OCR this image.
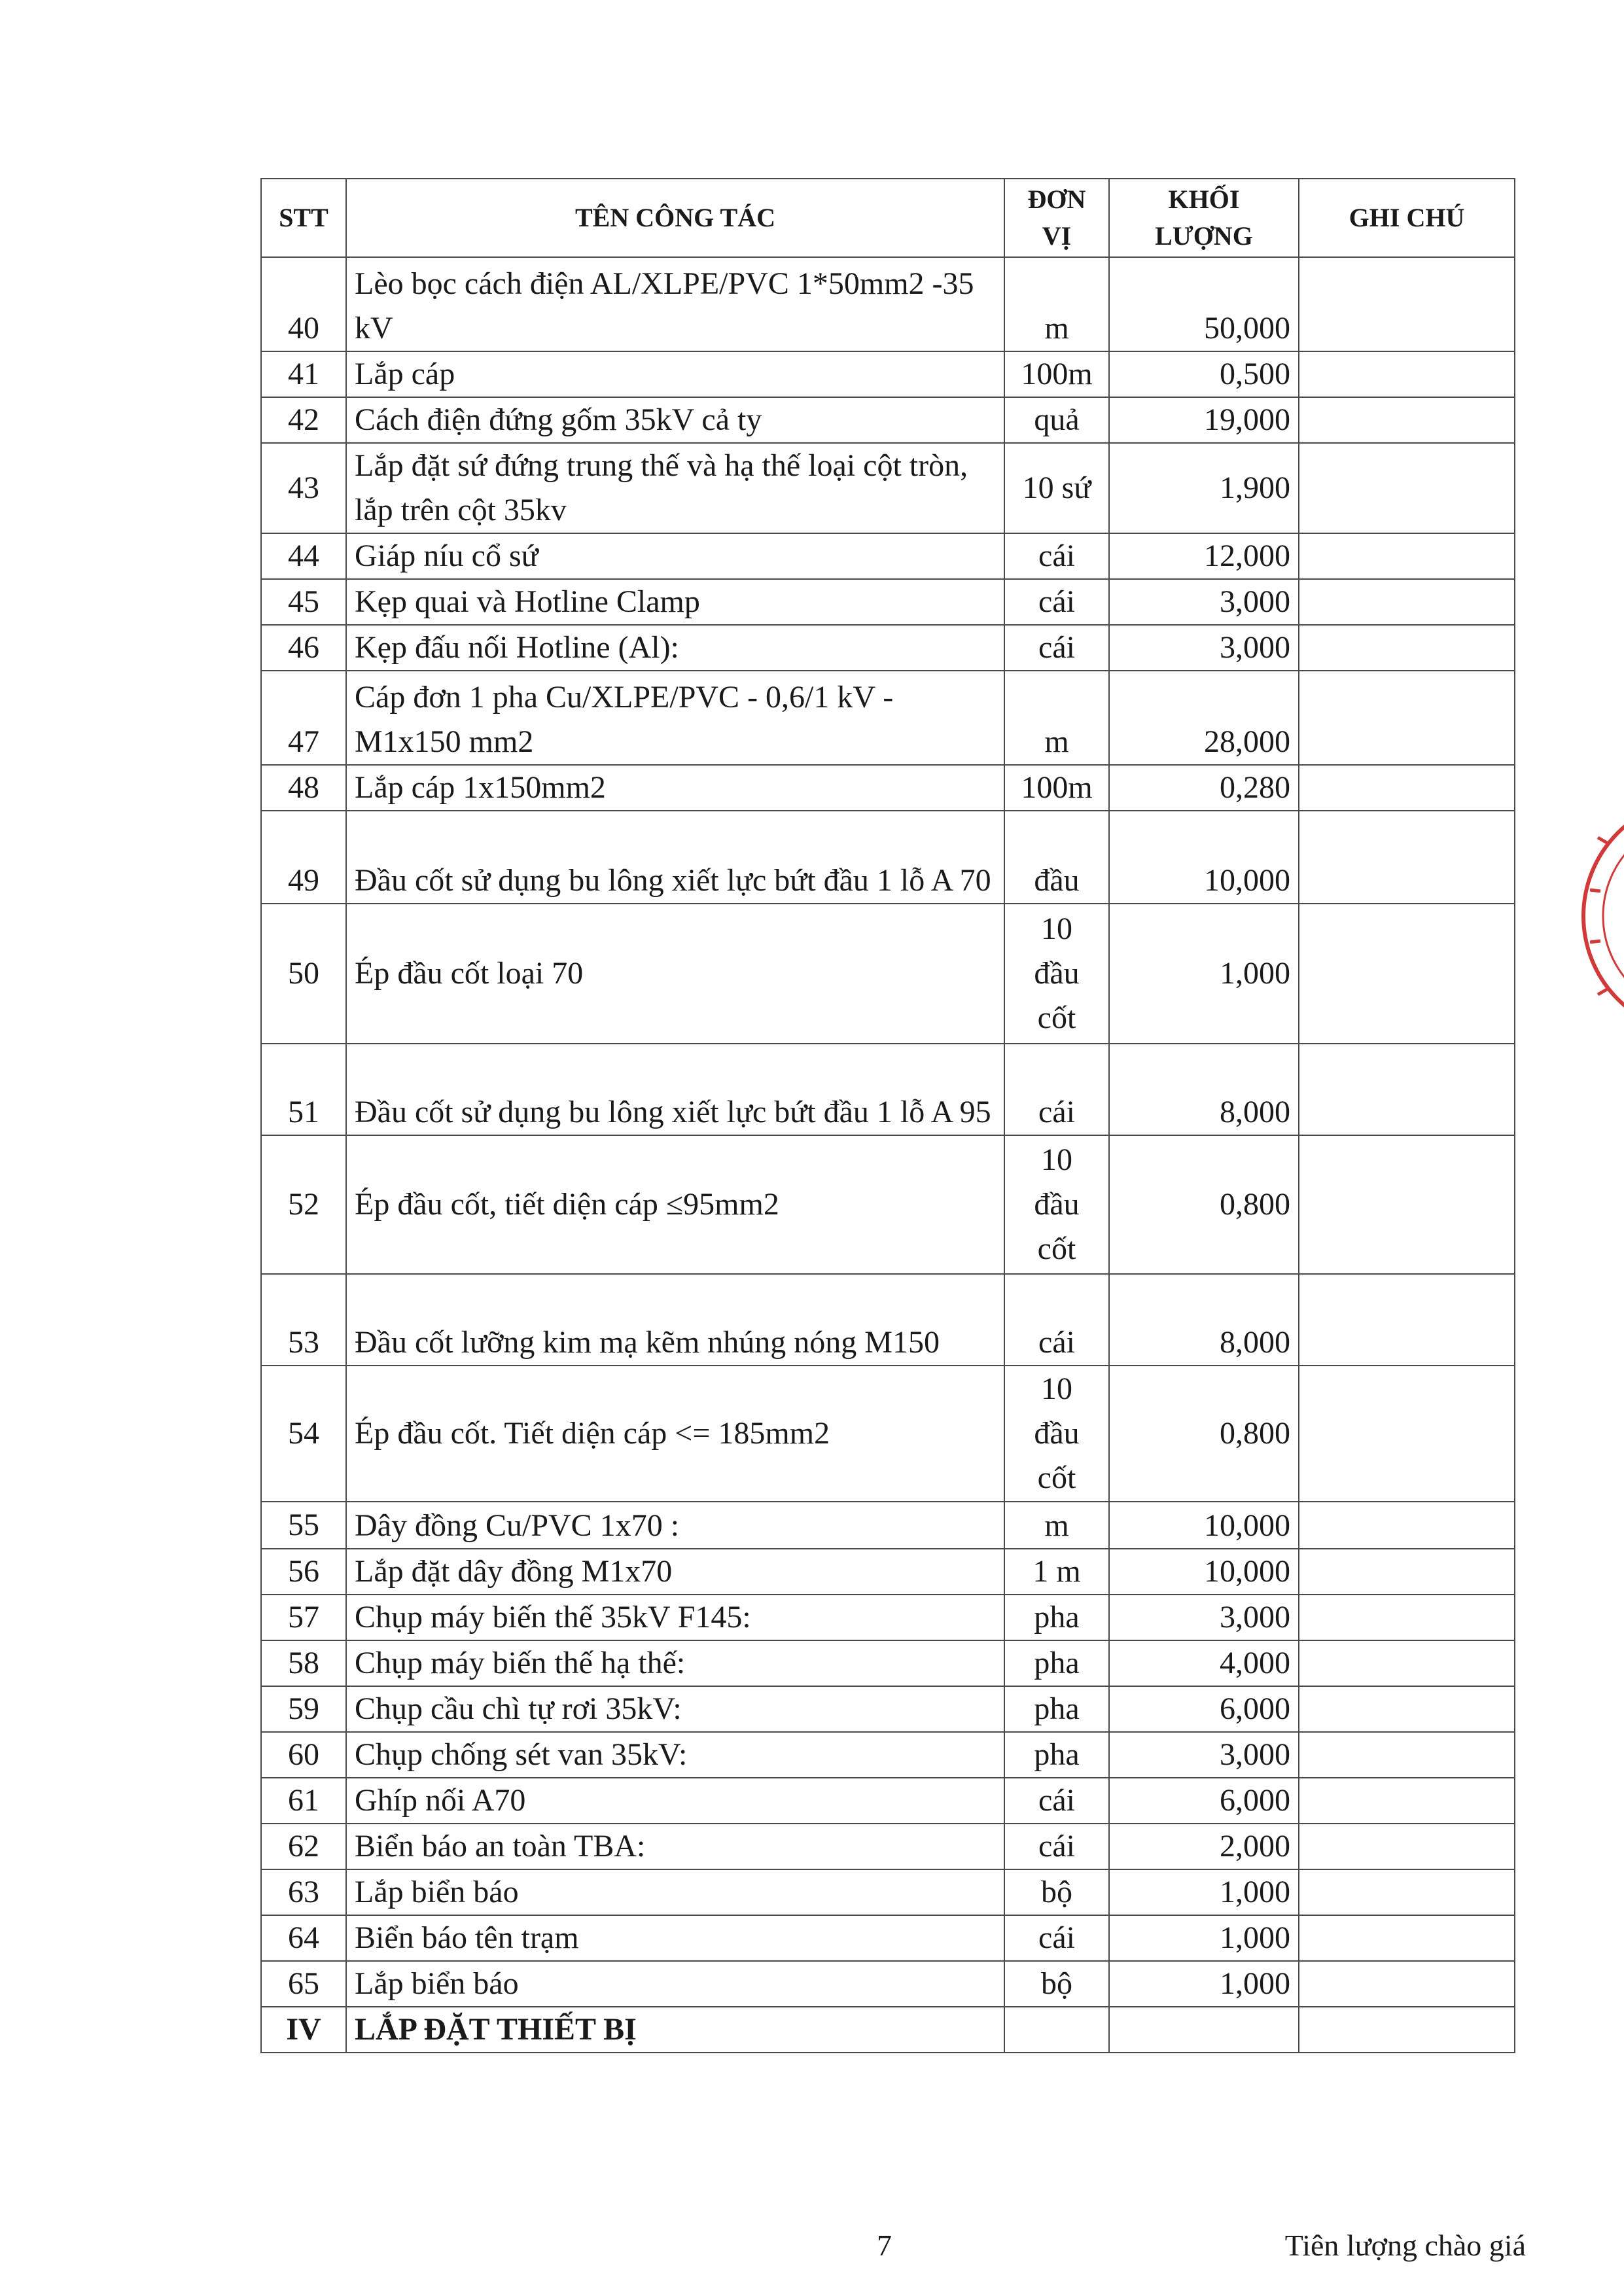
STT	TÊN CÔNG TÁC	ĐƠN VỊ	KHỐI LƯỢNG	GHI CHÚ
40	Lèo bọc cách điện AL/XLPE/PVC 1*50mm2 -35 kV	m	50,000	
41	Lắp cáp	100m	0,500	
42	Cách điện đứng gốm 35kV cả ty	quả	19,000	
43	Lắp đặt sứ đứng trung thế và hạ thế loại cột tròn, lắp trên cột 35kv	10 sứ	1,900	
44	Giáp níu cổ sứ	cái	12,000	
45	Kẹp quai và Hotline Clamp	cái	3,000	
46	Kẹp đấu nối Hotline (Al):	cái	3,000	
47	Cáp đơn 1 pha Cu/XLPE/PVC - 0,6/1 kV - M1x150 mm2	m	28,000	
48	Lắp cáp 1x150mm2	100m	0,280	
49	Đầu cốt sử dụng bu lông xiết lực bứt đầu 1 lỗ A 70	đầu	10,000	
50	Ép đầu cốt loại 70	10 đầu cốt	1,000	
51	Đầu cốt sử dụng bu lông xiết lực bứt đầu 1 lỗ A 95	cái	8,000	
52	Ép đầu cốt, tiết diện cáp ≤95mm2	10 đầu cốt	0,800	
53	Đầu cốt lưỡng kim mạ kẽm nhúng nóng M150	cái	8,000	
54	Ép đầu cốt. Tiết diện cáp <= 185mm2	10 đầu cốt	0,800	
55	Dây đồng Cu/PVC 1x70 :	m	10,000	
56	Lắp đặt dây đồng M1x70	1 m	10,000	
57	Chụp máy biến thế 35kV F145:	pha	3,000	
58	Chụp máy biến thế hạ thế:	pha	4,000	
59	Chụp cầu chì tự rơi 35kV:	pha	6,000	
60	Chụp chống sét van 35kV:	pha	3,000	
61	Ghíp nối A70	cái	6,000	
62	Biển báo an toàn TBA:	cái	2,000	
63	Lắp biển báo	bộ	1,000	
64	Biển báo tên trạm	cái	1,000	
65	Lắp biển báo	bộ	1,000	
IV	LẮP ĐẶT THIẾT BỊ			
7	Tiên lượng chào giá
